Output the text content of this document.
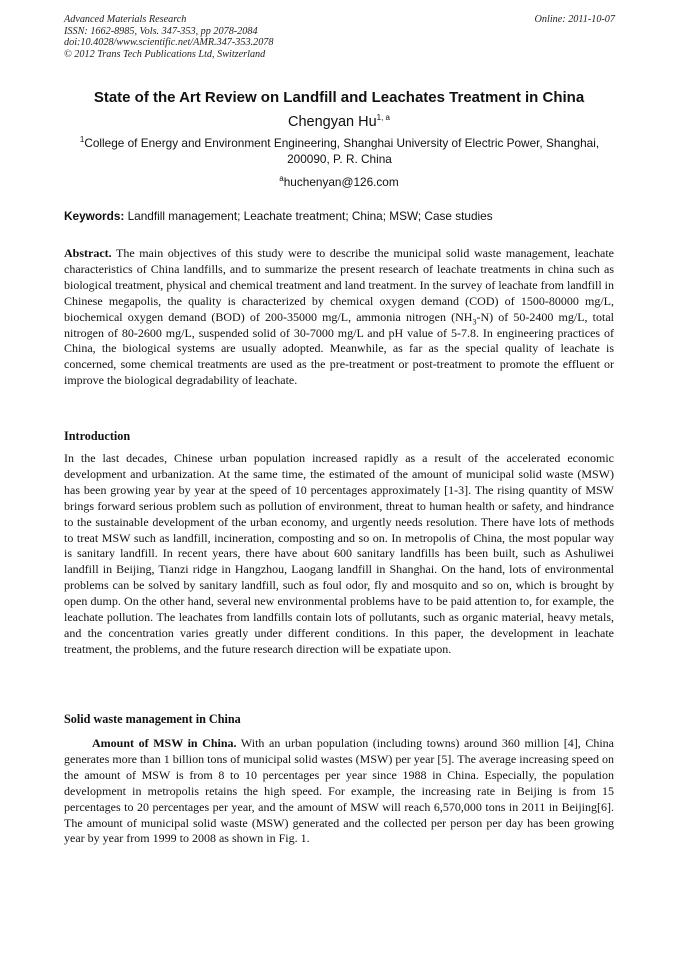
Advanced Materials Research
ISSN: 1662-8985, Vols. 347-353, pp 2078-2084
doi:10.4028/www.scientific.net/AMR.347-353.2078
© 2012 Trans Tech Publications Ltd, Switzerland
Online: 2011-10-07
State of the Art Review on Landfill and Leachates Treatment in China
Chengyan Hu$^{1, a}$
$^1$College of Energy and Environment Engineering, Shanghai University of Electric Power, Shanghai, 200090, P. R. China
$^a$huchenyan@126.com
Keywords: Landfill management; Leachate treatment; China; MSW; Case studies
Abstract. The main objectives of this study were to describe the municipal solid waste management, leachate characteristics of China landfills, and to summarize the present research of leachate treatments in china such as biological treatment, physical and chemical treatment and land treatment. In the survey of leachate from landfill in Chinese megapolis, the quality is characterized by chemical oxygen demand (COD) of 1500-80000 mg/L, biochemical oxygen demand (BOD) of 200-35000 mg/L, ammonia nitrogen $(NH_3-N)$ of 50-2400 mg/L, total nitrogen of 80-2600 mg/L, suspended solid of 30-7000 mg/L and pH value of 5-7.8. In engineering practices of China, the biological systems are usually adopted. Meanwhile, as far as the special quality of leachate is concerned, some chemical treatments are used as the pre-treatment or post-treatment to promote the effluent or improve the biological degradability of leachate.
Introduction
In the last decades, Chinese urban population increased rapidly as a result of the accelerated economic development and urbanization. At the same time, the estimated of the amount of municipal solid waste (MSW) has been growing year by year at the speed of 10 percentages approximately [1-3]. The rising quantity of MSW brings forward serious problem such as pollution of environment, threat to human health or safety, and hindrance to the sustainable development of the urban economy, and urgently needs resolution. There have lots of methods to treat MSW such as landfill, incineration, composting and so on. In metropolis of China, the most popular way is sanitary landfill. In recent years, there have about 600 sanitary landfills has been built, such as Ashuliwei landfill in Beijing, Tianzi ridge in Hangzhou, Laogang landfill in Shanghai. On the hand, lots of environmental problems can be solved by sanitary landfill, such as foul odor, fly and mosquito and so on, which is brought by open dump. On the other hand, several new environmental problems have to be paid attention to, for example, the leachate pollution. The leachates from landfills contain lots of pollutants, such as organic material, heavy metals, and the concentration varies greatly under different conditions. In this paper, the development in leachate treatment, the problems, and the future research direction will be expatiate upon.
Solid waste management in China
Amount of MSW in China. With an urban population (including towns) around 360 million [4], China generates more than 1 billion tons of municipal solid wastes (MSW) per year [5]. The average increasing speed on the amount of MSW is from 8 to 10 percentages per year since 1988 in China. Especially, the population development in metropolis retains the high speed. For example, the increasing rate in Beijing is from 15 percentages to 20 percentages per year, and the amount of MSW will reach 6,570,000 tons in 2011 in Beijing[6]. The amount of municipal solid waste (MSW) generated and the collected per person per day has been growing year by year from 1999 to 2008 as shown in Fig. 1.
